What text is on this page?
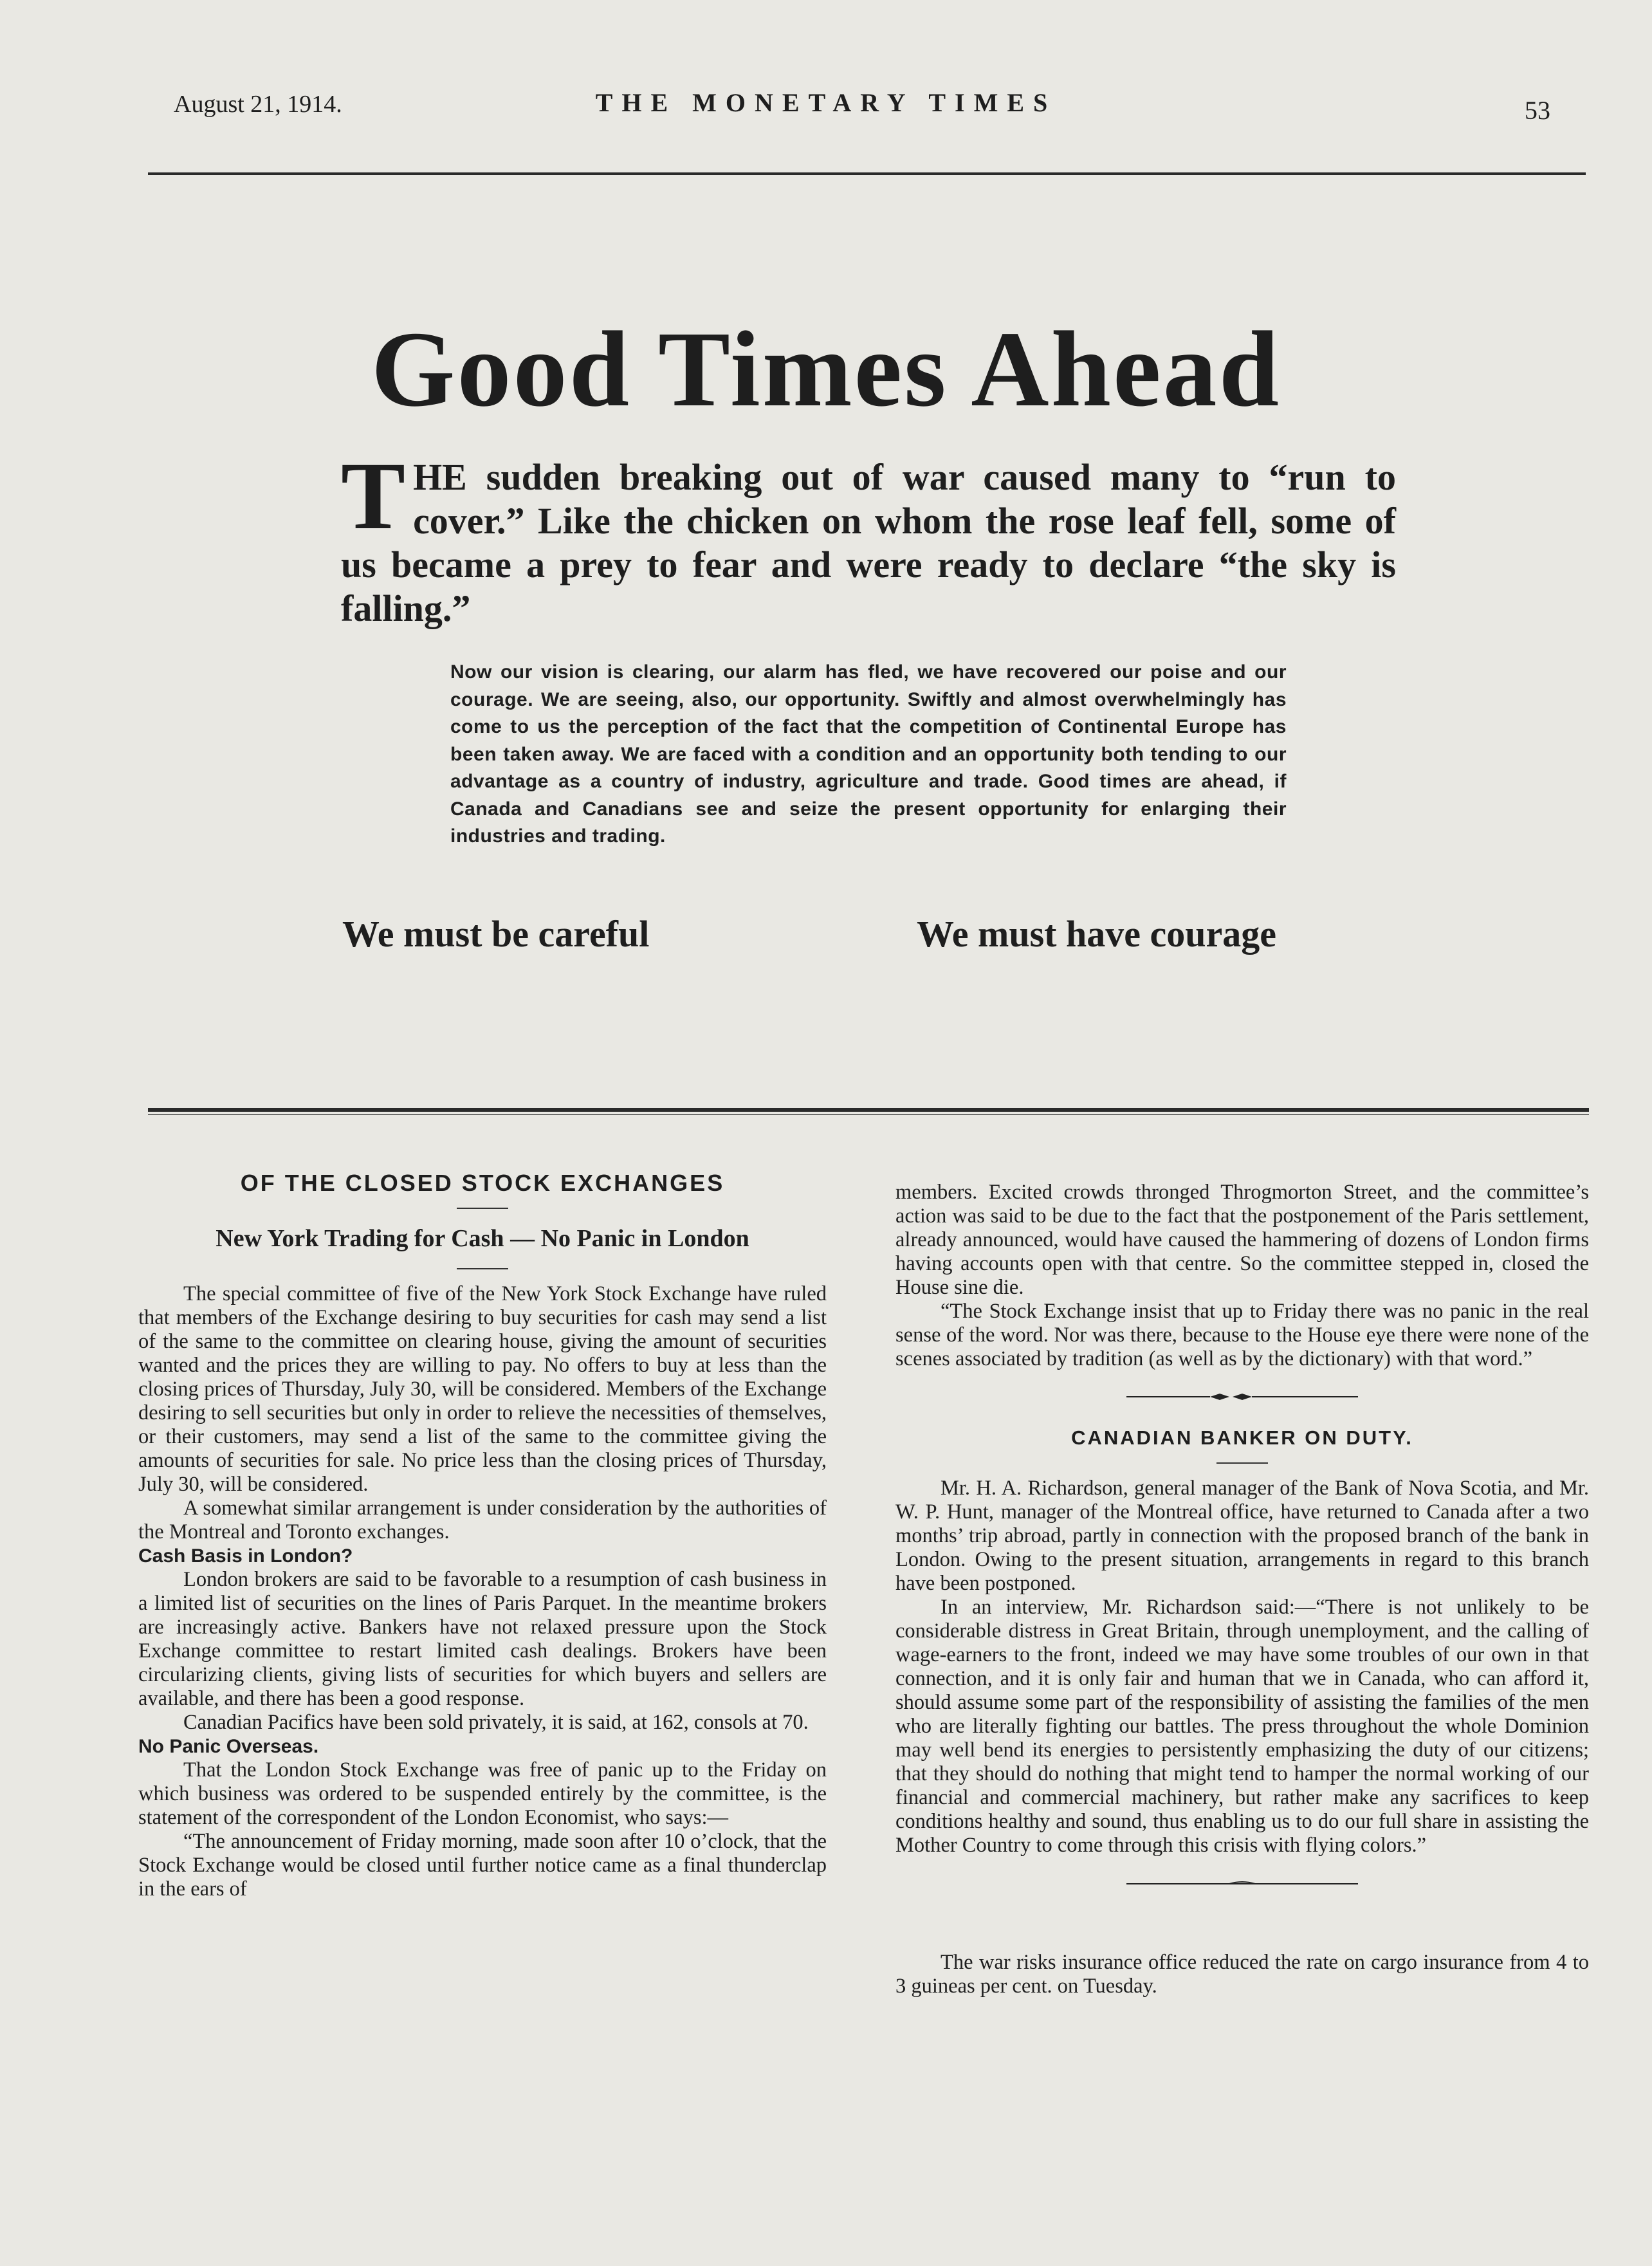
August 21, 1914.	THE MONETARY TIMES	53
Good Times Ahead
THE sudden breaking out of war caused many to “run to cover.” Like the chicken on whom the rose leaf fell, some of us became a prey to fear and were ready to declare “the sky is falling.”
Now our vision is clearing, our alarm has fled, we have recovered our poise and our courage. We are seeing, also, our opportunity. Swiftly and almost overwhelmingly has come to us the perception of the fact that the competition of Continental Europe has been taken away. We are faced with a condition and an opportunity both tending to our advantage as a country of industry, agriculture and trade. Good times are ahead, if Canada and Canadians see and seize the present opportunity for enlarging their industries and trading.
We must be careful	We must have courage
OF THE CLOSED STOCK EXCHANGES
New York Trading for Cash — No Panic in London

The special committee of five of the New York Stock Exchange have ruled that members of the Exchange desiring to buy securities for cash may send a list of the same to the committee on clearing house, giving the amount of securities wanted and the prices they are willing to pay. No offers to buy at less than the closing prices of Thursday, July 30, will be considered. Members of the Exchange desiring to sell securities but only in order to relieve the necessities of themselves, or their customers, may send a list of the same to the committee giving the amounts of securities for sale. No price less than the closing prices of Thursday, July 30, will be considered.

A somewhat similar arrangement is under consideration by the authorities of the Montreal and Toronto exchanges.

Cash Basis in London?

London brokers are said to be favorable to a resumption of cash business in a limited list of securities on the lines of Paris Parquet. In the meantime brokers are increasingly active. Bankers have not relaxed pressure upon the Stock Exchange committee to restart limited cash dealings. Brokers have been circularizing clients, giving lists of securities for which buyers and sellers are available, and there has been a good response.

Canadian Pacifics have been sold privately, it is said, at 162, consols at 70.

No Panic Overseas.

That the London Stock Exchange was free of panic up to the Friday on which business was ordered to be suspended entirely by the committee, is the statement of the correspondent of the London Economist, who says:—

“The announcement of Friday morning, made soon after 10 o’clock, that the Stock Exchange would be closed until further notice came as a final thunderclap in the ears of

members. Excited crowds thronged Throgmorton Street, and the committee’s action was said to be due to the fact that the postponement of the Paris settlement, already announced, would have caused the hammering of dozens of London firms having accounts open with that centre. So the committee stepped in, closed the House sine die.

“The Stock Exchange insist that up to Friday there was no panic in the real sense of the word. Nor was there, because to the House eye there were none of the scenes associated by tradition (as well as by the dictionary) with that word.”

CANADIAN BANKER ON DUTY.

Mr. H. A. Richardson, general manager of the Bank of Nova Scotia, and Mr. W. P. Hunt, manager of the Montreal office, have returned to Canada after a two months’ trip abroad, partly in connection with the proposed branch of the bank in London. Owing to the present situation, arrangements in regard to this branch have been postponed.

In an interview, Mr. Richardson said:—“There is not unlikely to be considerable distress in Great Britain, through unemployment, and the calling of wage-earners to the front, indeed we may have some troubles of our own in that connection, and it is only fair and human that we in Canada, who can afford it, should assume some part of the responsibility of assisting the families of the men who are literally fighting our battles. The press throughout the whole Dominion may well bend its energies to persistently emphasizing the duty of our citizens; that they should do nothing that might tend to hamper the normal working of our financial and commercial machinery, but rather make any sacrifices to keep conditions healthy and sound, thus enabling us to do our full share in assisting the Mother Country to come through this crisis with flying colors.”

The war risks insurance office reduced the rate on cargo insurance from 4 to 3 guineas per cent. on Tuesday.
